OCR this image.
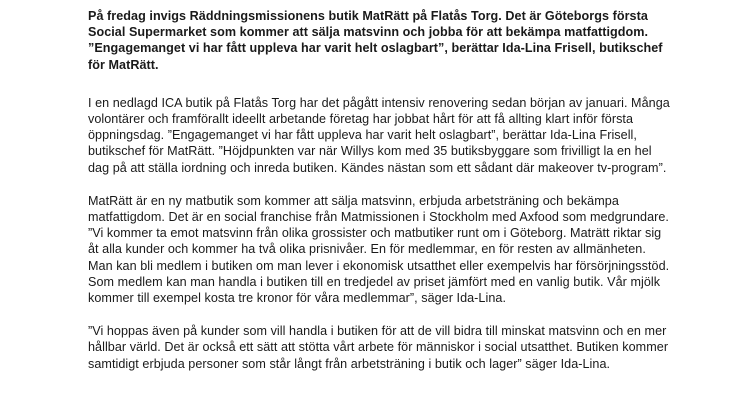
På fredag invigs Räddningsmissionens butik MatRätt på Flatås Torg. Det är Göteborgs första Social Supermarket som kommer att sälja matsvinn och jobba för att bekämpa matfattigdom. ”Engagemanget vi har fått uppleva har varit helt oslagbart”, berättar Ida-Lina Frisell, butikschef för MatRätt.

I en nedlagd ICA butik på Flatås Torg har det pågått intensiv renovering sedan början av januari. Många volontärer och framförallt ideellt arbetande företag har jobbat hårt för att få allting klart inför första öppningsdag. ”Engagemanget vi har fått uppleva har varit helt oslagbart”, berättar Ida-Lina Frisell, butikschef för MatRätt. ”Höjdpunkten var när Willys kom med 35 butiksbyggare som frivilligt la en hel dag på att ställa iordning och inreda butiken. Kändes nästan som ett sådant där makeover tv-program”.

MatRätt är en ny matbutik som kommer att sälja matsvinn, erbjuda arbetsträning och bekämpa matfattigdom. Det är en social franchise från Matmissionen i Stockholm med Axfood som medgrundare.

”Vi kommer ta emot matsvinn från olika grossister och matbutiker runt om i Göteborg. Maträtt riktar sig åt alla kunder och kommer ha två olika prisnivåer. En för medlemmar, en för resten av allmänheten. Man kan bli medlem i butiken om man lever i ekonomisk utsatthet eller exempelvis har försörjningsstöd. Som medlem kan man handla i butiken till en tredjedel av priset jämfört med en vanlig butik. Vår mjölk kommer till exempel kosta tre kronor för våra medlemmar”, säger Ida-Lina.

”Vi hoppas även på kunder som vill handla i butiken för att de vill bidra till minskat matsvinn och en mer hållbar värld. Det är också ett sätt att stötta vårt arbete för människor i social utsatthet. Butiken kommer samtidigt erbjuda personer som står långt från arbetsträning i butik och lager” säger Ida-Lina.
